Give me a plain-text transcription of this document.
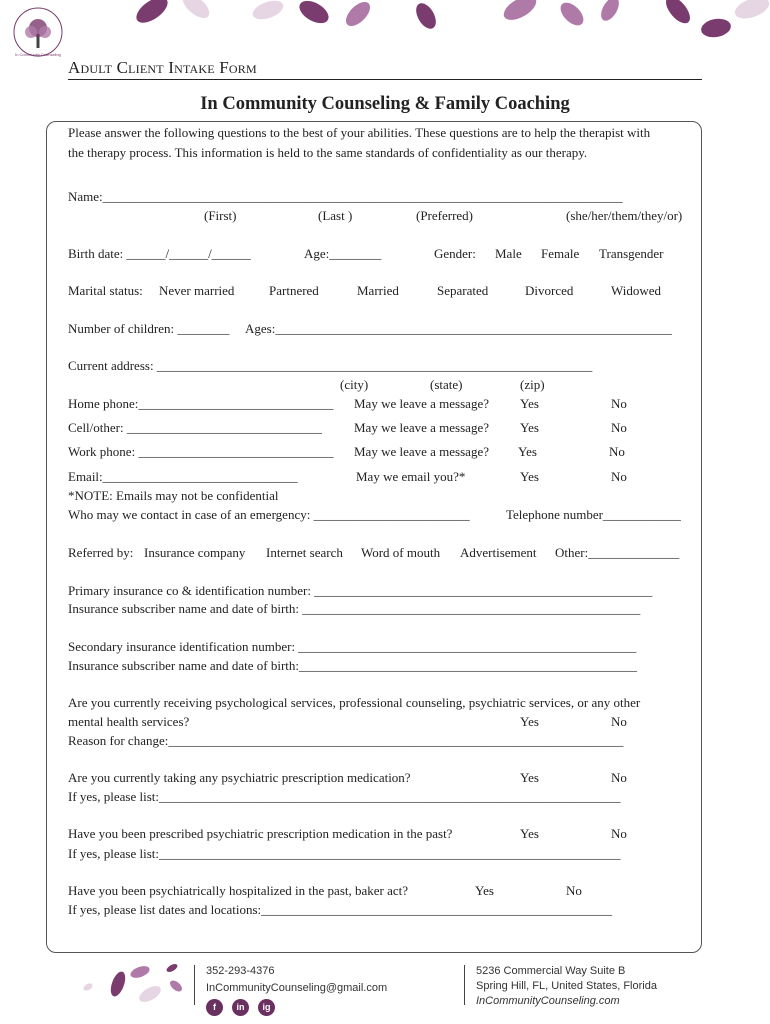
In Community Counseling
Adult Client Intake Form
In Community Counseling & Family Coaching
Please answer the following questions to the best of your abilities. These questions are to help the therapist with
the therapy process. This information is held to the same standards of confidentiality as our therapy.
Name:________________________________________________________________________________
(First)	(Last )	(Preferred)	(she/her/them/they/or)
Birth date: ______/______/______	Age:________	Gender: Male Female Transgender
Marital status: Never married	Partnered	Married	Separated	Divorced	Widowed
Number of children: ________ Ages:_____________________________________________________________
Current address: ___________________________________________________________________
(city)	(state)	(zip)
Home phone:______________________________ May we leave a message? Yes	No
Cell/other: ______________________________ May we leave a message? Yes	No
Work phone: ______________________________ May we leave a message? Yes	No
Email:______________________________	May we email you?*	Yes	No
*NOTE: Emails may not be confidential
Who may we contact in case of an emergency: ________________________	Telephone number____________
Referred by: Insurance company Internet search Word of mouth Advertisement Other:______________
Primary insurance co & identification number: ____________________________________________________
Insurance subscriber name and date of birth: ____________________________________________________
Secondary insurance identification number: ____________________________________________________
Insurance subscriber name and date of birth:____________________________________________________
Are you currently receiving psychological services, professional counseling, psychiatric services, or any other
mental health services?	Yes	No
Reason for change:______________________________________________________________________
Are you currently taking any psychiatric prescription medication?	Yes	No
If yes, please list:_______________________________________________________________________
Have you been prescribed psychiatric prescription medication in the past?	Yes	No
If yes, please list:_______________________________________________________________________
Have you been psychiatrically hospitalized in the past, baker act?	Yes	No
If yes, please list dates and locations:______________________________________________________
352-293-4376
InCommunityCounseling@gmail.com
f	in	ig
5236 Commercial Way Suite B
Spring Hill, FL, United States, Florida
InCommunityCounseling.com
